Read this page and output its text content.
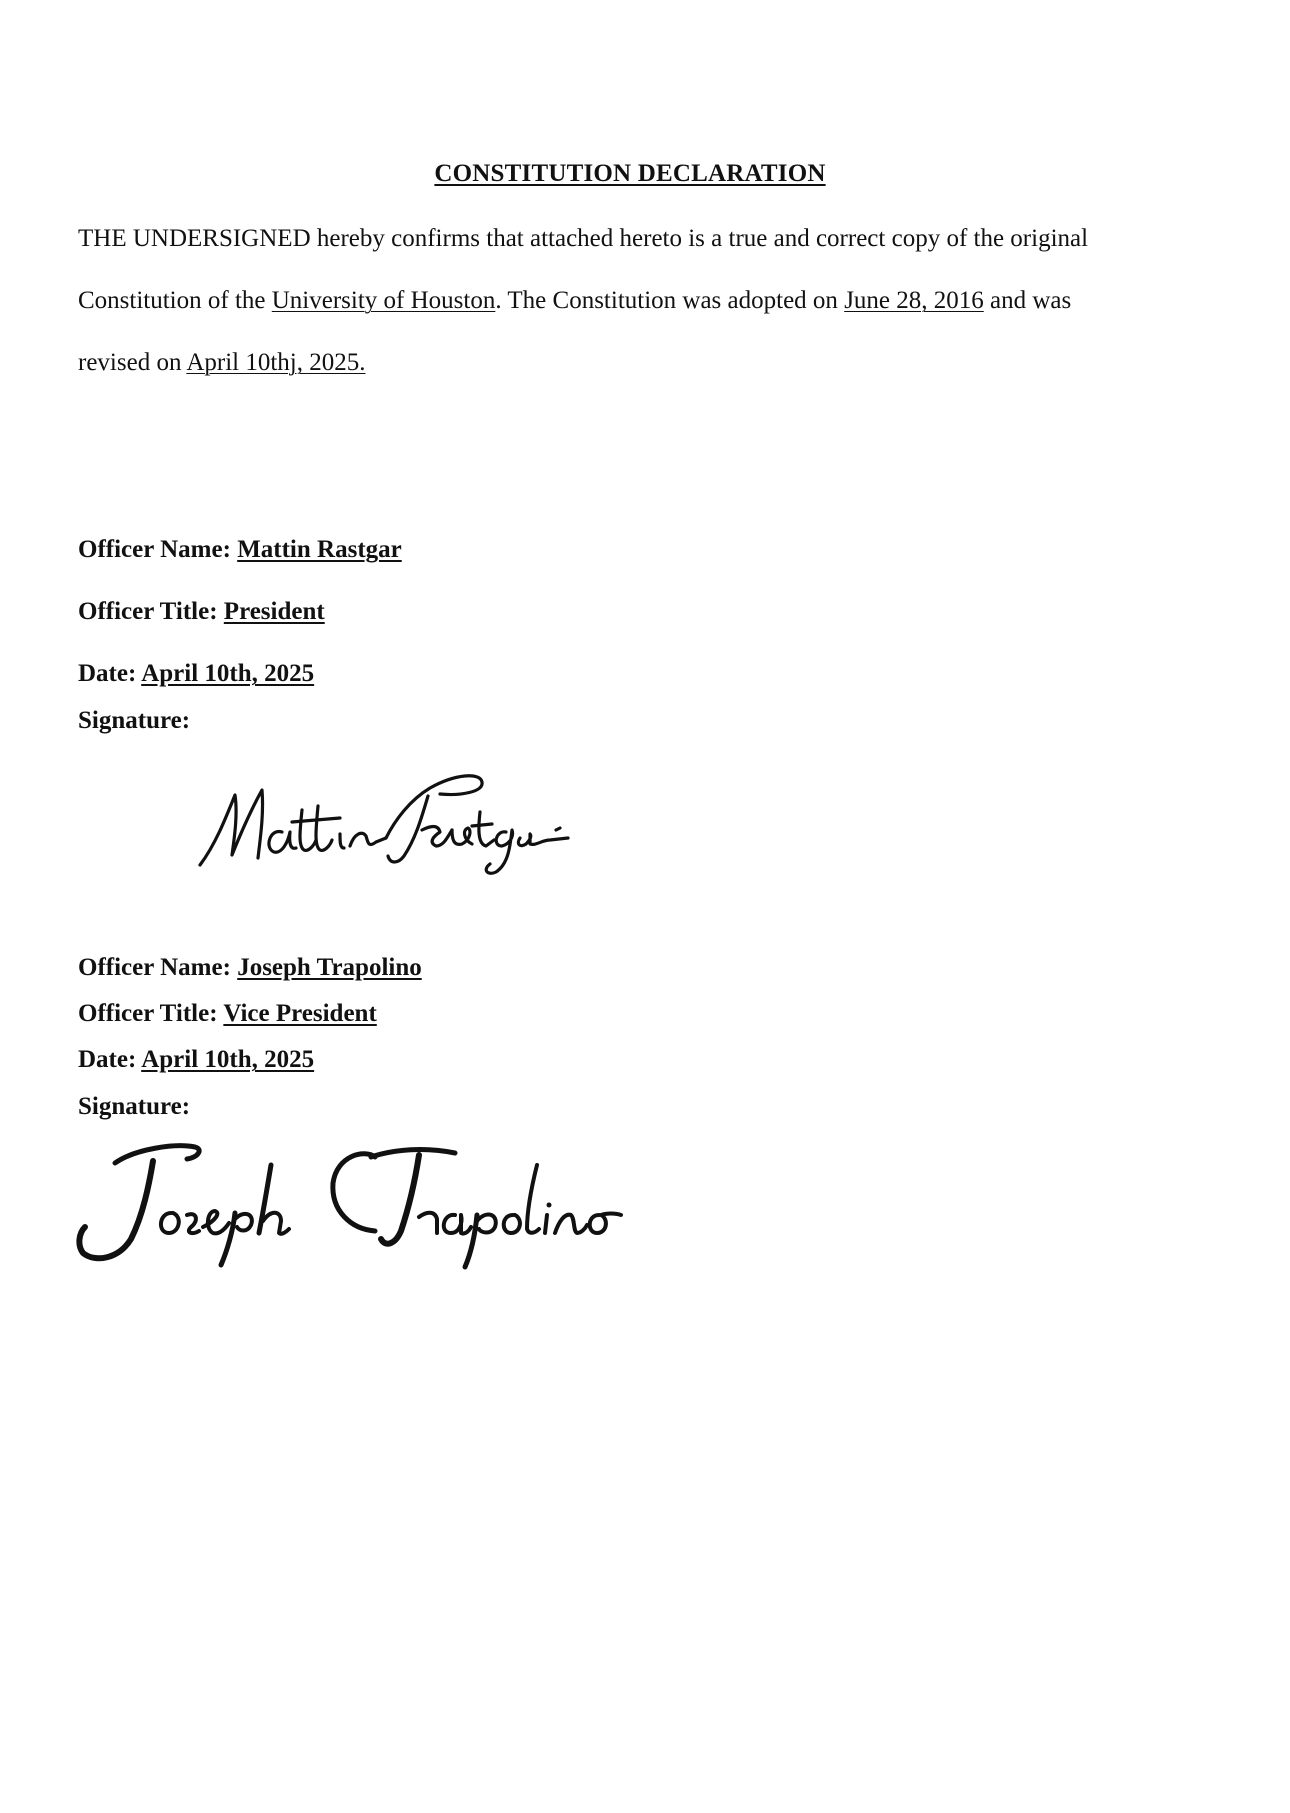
CONSTITUTION DECLARATION
THE UNDERSIGNED hereby confirms that attached hereto is a true and correct copy of the original
Constitution of the University of Houston. The Constitution was adopted on June 28, 2016 and was
revised on April 10thj, 2025.
Officer Name: Mattin Rastgar
Officer Title: President
Date: April 10th, 2025
Signature:
Officer Name: Joseph Trapolino
Officer Title: Vice President
Date: April 10th, 2025
Signature:
